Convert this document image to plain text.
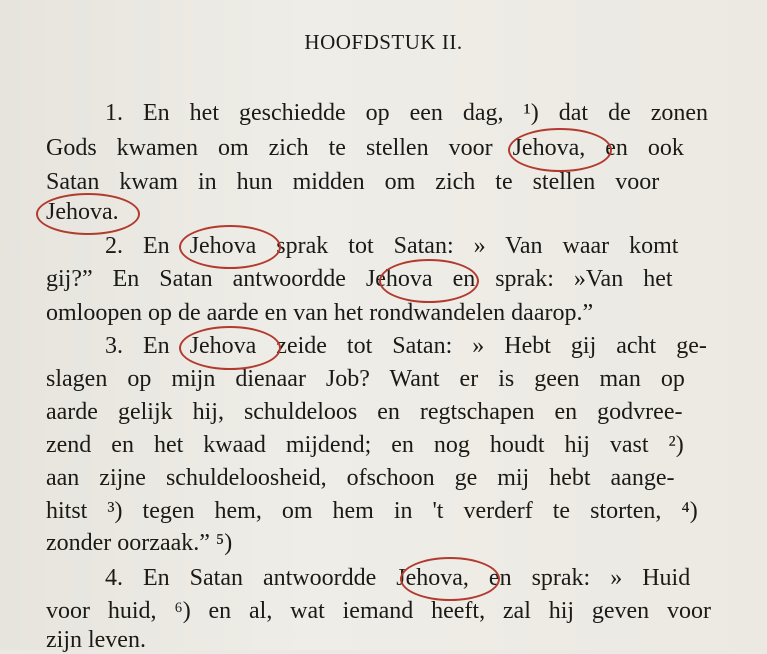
HOOFDSTUK II.
1. En het geschiedde op een dag, ¹) dat de zonen
Gods kwamen om zich te stellen voor Jehova, en ook
Satan kwam in hun midden om zich te stellen voor
Jehova.
2. En Jehova sprak tot Satan: » Van waar komt
gij?” En Satan antwoordde Jehova en sprak: »Van het
omloopen op de aarde en van het rondwandelen daarop.”
3. En Jehova zeide tot Satan: » Hebt gij acht ge-
slagen op mijn dienaar Job? Want er is geen man op
aarde gelijk hij, schuldeloos en regtschapen en godvree-
zend en het kwaad mijdend; en nog houdt hij vast ²)
aan zijne schuldeloosheid, ofschoon ge mij hebt aange-
hitst ³) tegen hem, om hem in 't verderf te storten, ⁴)
zonder oorzaak.” ⁵)
4. En Satan antwoordde Jehova, en sprak: » Huid
voor huid, ⁶) en al, wat iemand heeft, zal hij geven voor
zijn leven.
